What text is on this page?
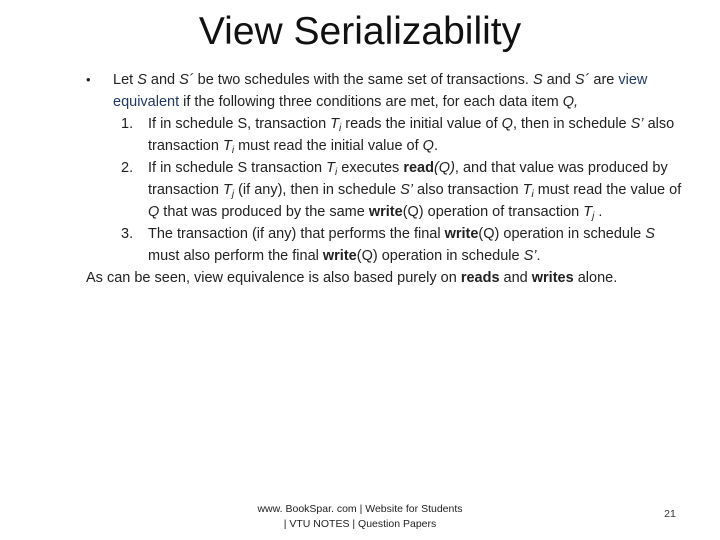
View Serializability
•	Let S and S´ be two schedules with the same set of transactions. S and S´ are view equivalent if the following three conditions are met, for each data item Q,
1. If in schedule S, transaction $T_i$ reads the initial value of Q, then in schedule S’ also transaction $T_i$ must read the initial value of Q.
2. If in schedule S transaction $T_i$ executes read(Q), and that value was produced by transaction $T_j$ (if any), then in schedule S’ also transaction $T_i$ must read the value of Q that was produced by the same write(Q) operation of transaction $T_j$ .
3. The transaction (if any) that performs the final write(Q) operation in schedule S must also perform the final write(Q) operation in schedule S’.
As can be seen, view equivalence is also based purely on reads and writes alone.
www. BookSpar. com | Website for Students
| VTU NOTES | Question Papers
21
